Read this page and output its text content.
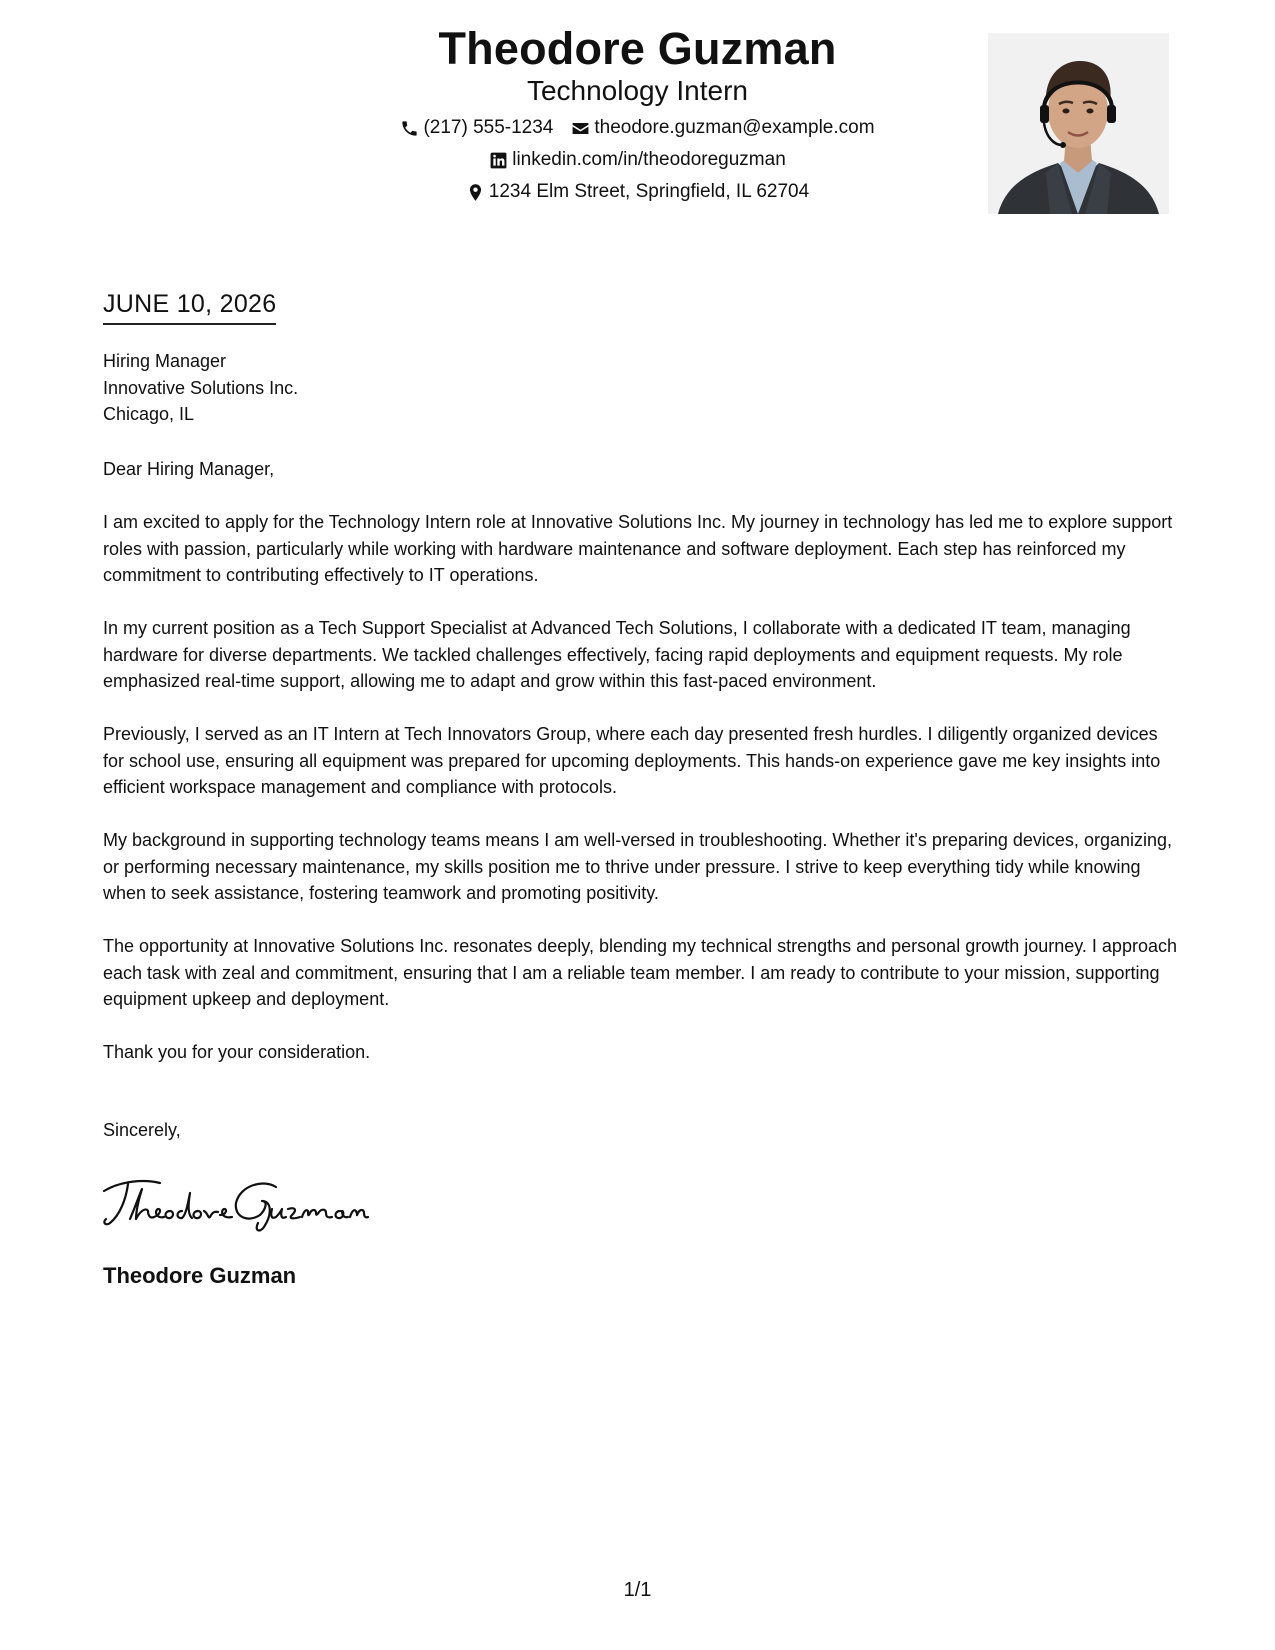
Theodore Guzman
Technology Intern
(217) 555-1234 theodore.guzman@example.com
linkedin.com/in/theodoreguzman
1234 Elm Street, Springfield, IL 62704
JUNE 10, 2026
Hiring Manager
Innovative Solutions Inc.
Chicago, IL

Dear Hiring Manager,

I am excited to apply for the Technology Intern role at Innovative Solutions Inc. My journey in technology has led me to explore support roles with passion, particularly while working with hardware maintenance and software deployment. Each step has reinforced my commitment to contributing effectively to IT operations.

In my current position as a Tech Support Specialist at Advanced Tech Solutions, I collaborate with a dedicated IT team, managing hardware for diverse departments. We tackled challenges effectively, facing rapid deployments and equipment requests. My role emphasized real-time support, allowing me to adapt and grow within this fast-paced environment.

Previously, I served as an IT Intern at Tech Innovators Group, where each day presented fresh hurdles. I diligently organized devices for school use, ensuring all equipment was prepared for upcoming deployments. This hands-on experience gave me key insights into efficient workspace management and compliance with protocols.

My background in supporting technology teams means I am well-versed in troubleshooting. Whether it's preparing devices, organizing, or performing necessary maintenance, my skills position me to thrive under pressure. I strive to keep everything tidy while knowing when to seek assistance, fostering teamwork and promoting positivity.

The opportunity at Innovative Solutions Inc. resonates deeply, blending my technical strengths and personal growth journey. I approach each task with zeal and commitment, ensuring that I am a reliable team member. I am ready to contribute to your mission, supporting equipment upkeep and deployment.

Thank you for your consideration.

Sincerely,
Theodore Guzman
1/1
